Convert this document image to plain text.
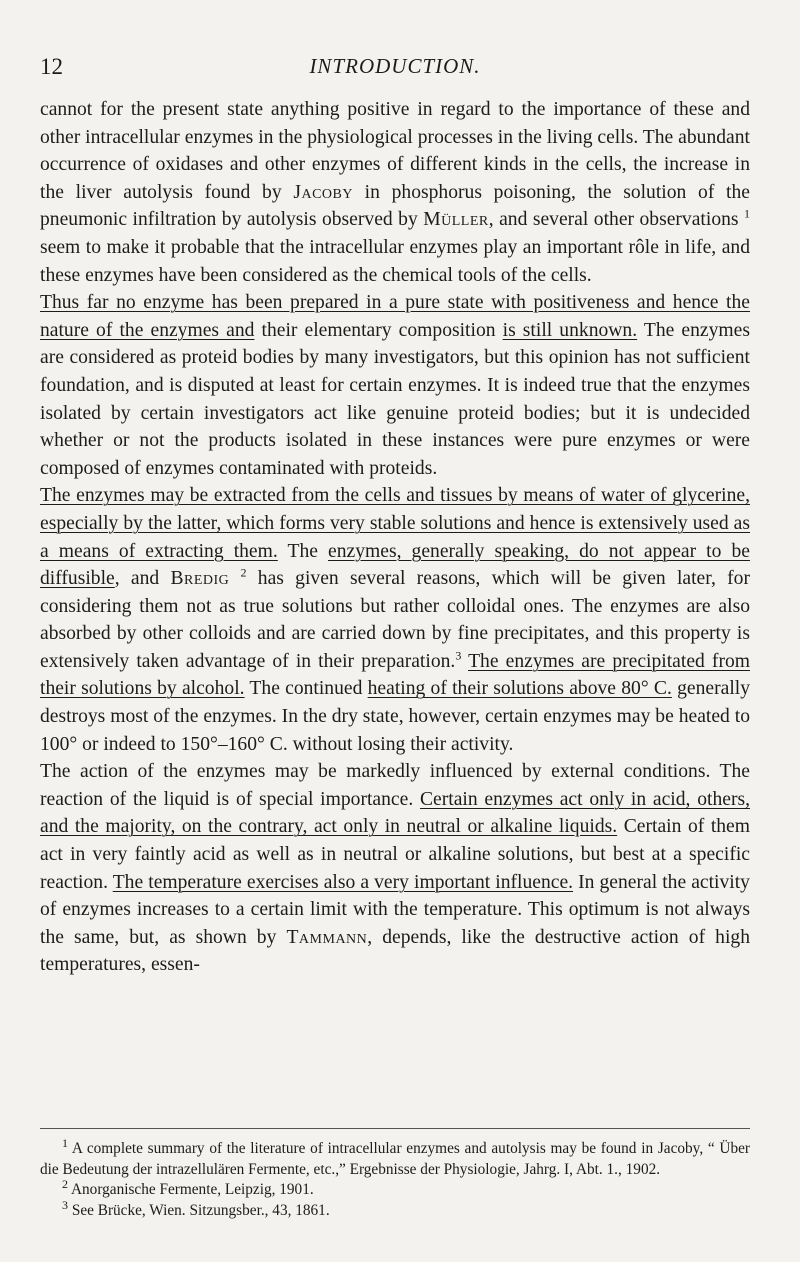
12	INTRODUCTION.

cannot for the present state anything positive in regard to the importance of these and other intracellular enzymes in the physiological processes in the living cells. The abundant occurrence of oxidases and other enzymes of different kinds in the cells, the increase in the liver autolysis found by Jacoby in phosphorus poisoning, the solution of the pneumonic infiltration by autolysis observed by Müller, and several other observations $^1$ seem to make it probable that the intracellular enzymes play an important rôle in life, and these enzymes have been considered as the chemical tools of the cells.

Thus far no enzyme has been prepared in a pure state with positiveness and hence the nature of the enzymes and their elementary composition is still unknown. The enzymes are considered as proteid bodies by many investigators, but this opinion has not sufficient foundation, and is disputed at least for certain enzymes. It is indeed true that the enzymes isolated by certain investigators act like genuine proteid bodies; but it is undecided whether or not the products isolated in these instances were pure enzymes or were composed of enzymes contaminated with proteids.

The enzymes may be extracted from the cells and tissues by means of water of glycerine, especially by the latter, which forms very stable solutions and hence is extensively used as a means of extracting them. The enzymes, generally speaking, do not appear to be diffusible, and Bredig $^2$ has given several reasons, which will be given later, for considering them not as true solutions but rather colloidal ones. The enzymes are also absorbed by other colloids and are carried down by fine precipitates, and this property is extensively taken advantage of in their preparation.$^3$ The enzymes are precipitated from their solutions by alcohol. The continued heating of their solutions above 80° C. generally destroys most of the enzymes. In the dry state, however, certain enzymes may be heated to 100° or indeed to 150°–160° C. without losing their activity.

The action of the enzymes may be markedly influenced by external conditions. The reaction of the liquid is of special importance. Certain enzymes act only in acid, others, and the majority, on the contrary, act only in neutral or alkaline liquids. Certain of them act in very faintly acid as well as in neutral or alkaline solutions, but best at a specific reaction. The temperature exercises also a very important influence. In general the activity of enzymes increases to a certain limit with the temperature. This optimum is not always the same, but, as shown by Tammann, depends, like the destructive action of high temperatures, essen-

$^1$ A complete summary of the literature of intracellular enzymes and autolysis may be found in Jacoby, “ Über die Bedeutung der intrazellulären Fermente, etc.,” Ergebnisse der Physiologie, Jahrg. I, Abt. 1., 1902.

$^2$ Anorganische Fermente, Leipzig, 1901.

$^3$ See Brücke, Wien. Sitzungsber., 43, 1861.
